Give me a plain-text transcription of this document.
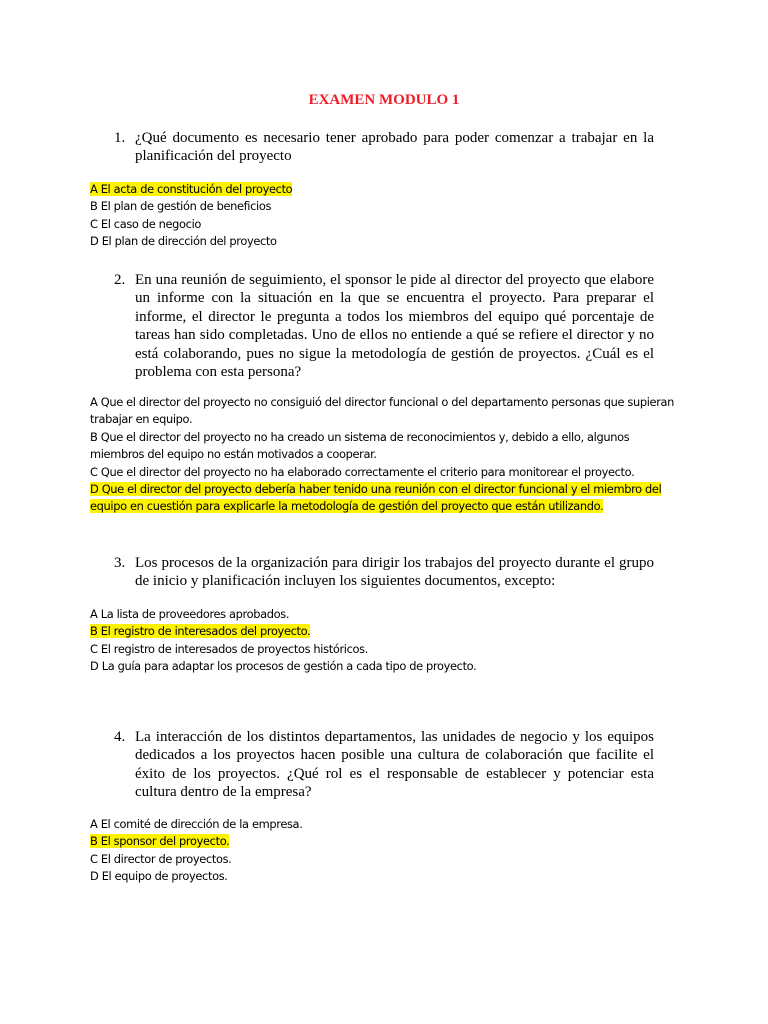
EXAMEN MODULO 1
1. ¿Qué documento es necesario tener aprobado para poder comenzar a trabajar en la planificación del proyecto
A El acta de constitución del proyecto
B El plan de gestión de beneficios
C El caso de negocio
D El plan de dirección del proyecto
2. En una reunión de seguimiento, el sponsor le pide al director del proyecto que elabore un informe con la situación en la que se encuentra el proyecto. Para preparar el informe, el director le pregunta a todos los miembros del equipo qué porcentaje de tareas han sido completadas. Uno de ellos no entiende a qué se refiere el director y no está colaborando, pues no sigue la metodología de gestión de proyectos. ¿Cuál es el problema con esta persona?
A Que el director del proyecto no consiguió del director funcional o del departamento personas que supieran trabajar en equipo.
B Que el director del proyecto no ha creado un sistema de reconocimientos y, debido a ello, algunos miembros del equipo no están motivados a cooperar.
C Que el director del proyecto no ha elaborado correctamente el criterio para monitorear el proyecto.
D Que el director del proyecto debería haber tenido una reunión con el director funcional y el miembro del equipo en cuestión para explicarle la metodología de gestión del proyecto que están utilizando.
3. Los procesos de la organización para dirigir los trabajos del proyecto durante el grupo de inicio y planificación incluyen los siguientes documentos, excepto:
A La lista de proveedores aprobados.
B El registro de interesados del proyecto.
C El registro de interesados de proyectos históricos.
D La guía para adaptar los procesos de gestión a cada tipo de proyecto.
4. La interacción de los distintos departamentos, las unidades de negocio y los equipos dedicados a los proyectos hacen posible una cultura de colaboración que facilite el éxito de los proyectos. ¿Qué rol es el responsable de establecer y potenciar esta cultura dentro de la empresa?
A El comité de dirección de la empresa.
B El sponsor del proyecto.
C El director de proyectos.
D El equipo de proyectos.
